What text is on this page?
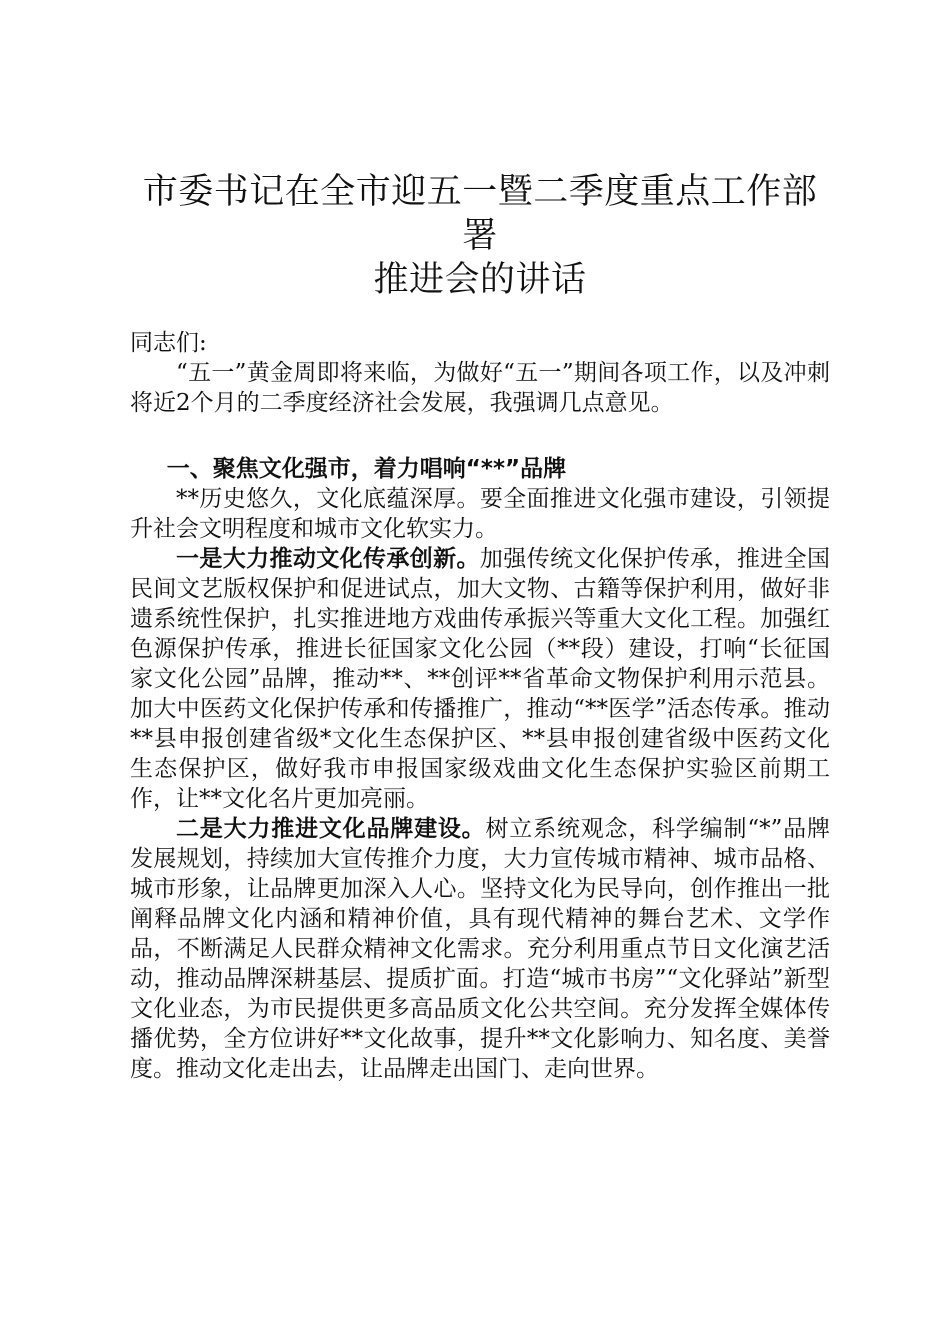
市委书记在全市迎五一暨二季度重点工作部署
推进会的讲话
同志们:

“五一”黄金周即将来临，为做好“五一”期间各项工作，以及冲刺将近2个月的二季度经济社会发展，我强调几点意见。

一、聚焦文化强市，着力唱响“**”品牌

**历史悠久，文化底蕴深厚。要全面推进文化强市建设，引领提升社会文明程度和城市文化软实力。

一是大力推动文化传承创新。加强传统文化保护传承，推进全国民间文艺版权保护和促进试点，加大文物、古籍等保护利用，做好非遗系统性保护，扎实推进地方戏曲传承振兴等重大文化工程。加强红色源保护传承，推进长征国家文化公园（**段）建设，打响“长征国家文化公园”品牌，推动**、**创评**省革命文物保护利用示范县。加大中医药文化保护传承和传播推广，推动“**医学”活态传承。推动**县申报创建省级*文化生态保护区、**县申报创建省级中医药文化生态保护区，做好我市申报国家级戏曲文化生态保护实验区前期工作，让**文化名片更加亮丽。

二是大力推进文化品牌建设。树立系统观念，科学编制“*”品牌发展规划，持续加大宣传推介力度，大力宣传城市精神、城市品格、城市形象，让品牌更加深入人心。坚持文化为民导向，创作推出一批阐释品牌文化内涵和精神价值，具有现代精神的舞台艺术、文学作品，不断满足人民群众精神文化需求。充分利用重点节日文化演艺活动，推动品牌深耕基层、提质扩面。打造“城市书房”“文化驿站”新型文化业态，为市民提供更多高品质文化公共空间。充分发挥全媒体传播优势，全方位讲好**文化故事，提升**文化影响力、知名度、美誉度。推动文化走出去，让品牌走出国门、走向世界。
